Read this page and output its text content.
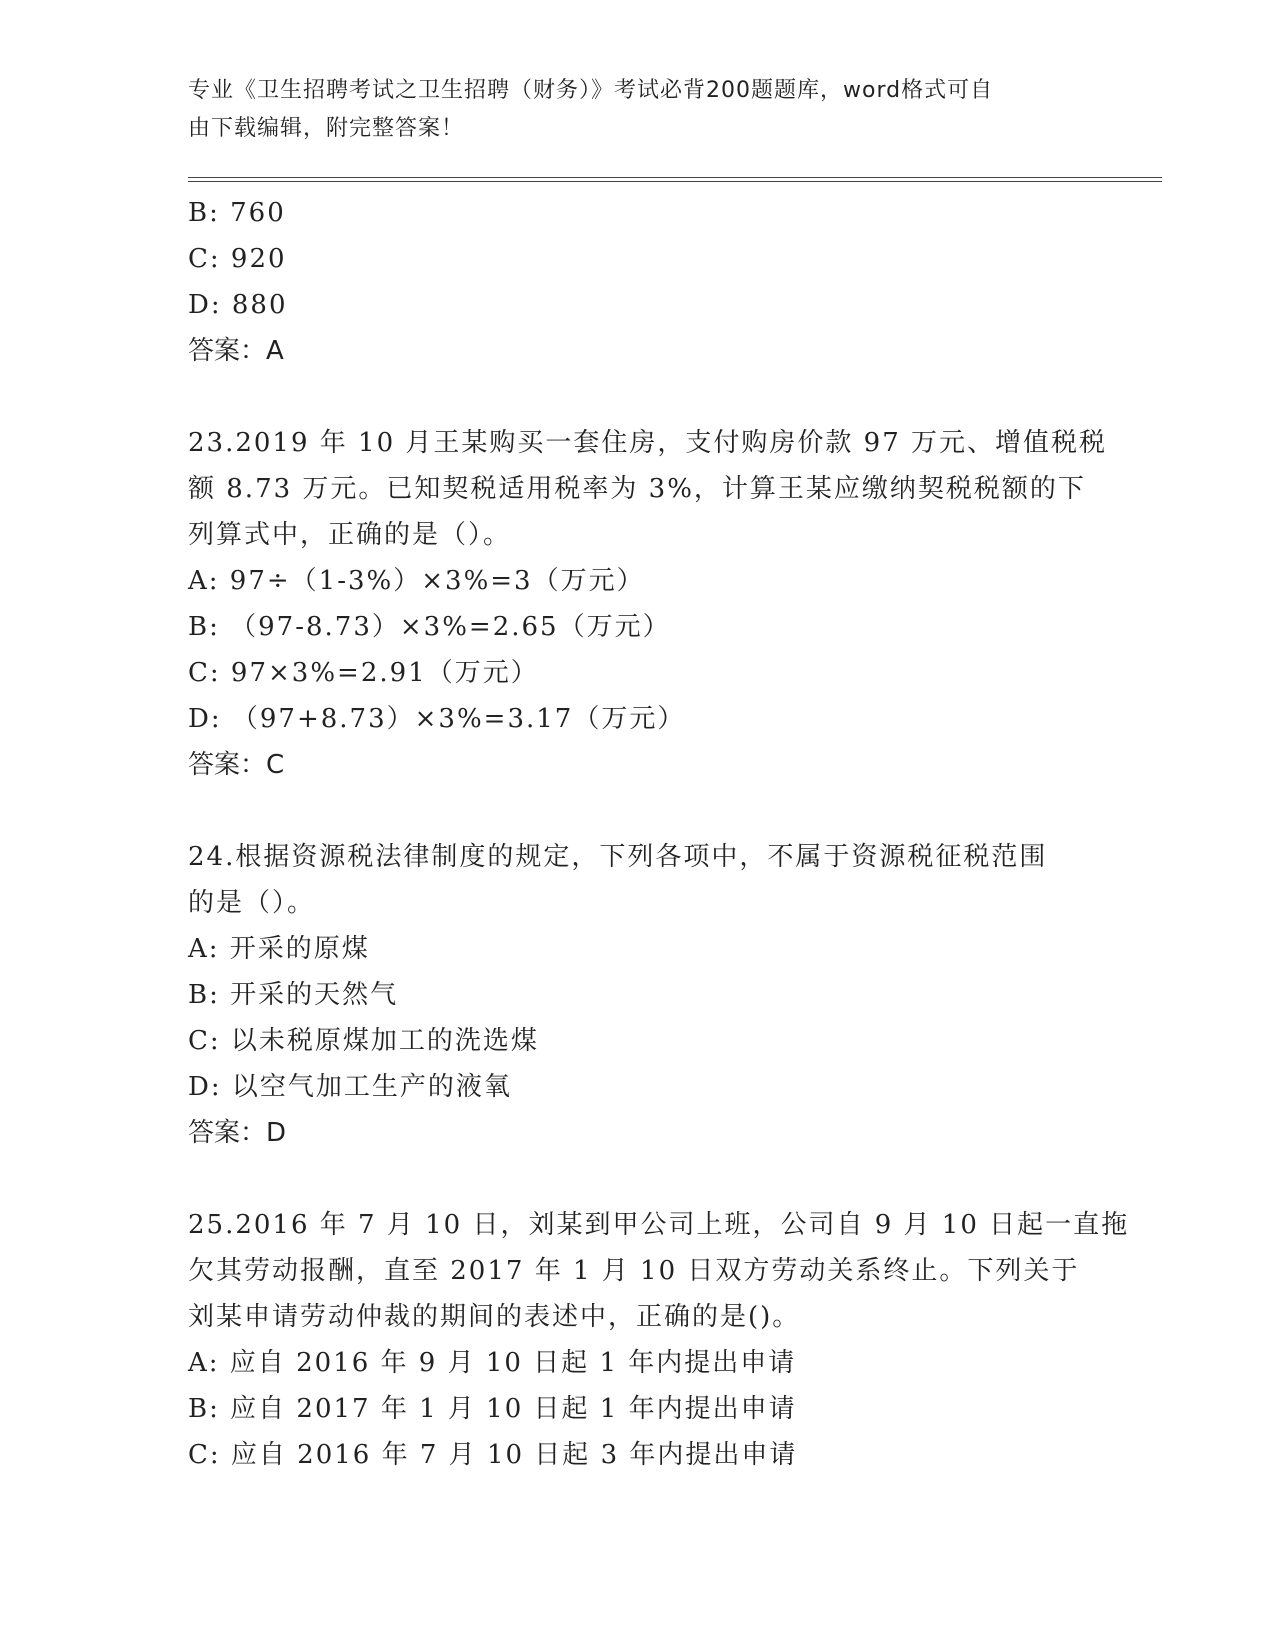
专业《卫生招聘考试之卫生招聘（财务）》考试必背200题题库，word格式可自
由下载编辑，附完整答案！
B: 760
C: 920
D: 880
答案：A
23.2019 年 10 月王某购买一套住房，支付购房价款 97 万元、增值税税
额 8.73 万元。已知契税适用税率为 3%，计算王某应缴纳契税税额的下
列算式中，正确的是（）。
A: 97÷（1-3%）×3%=3（万元）
B: （97-8.73）×3%=2.65（万元）
C: 97×3%=2.91（万元）
D: （97+8.73）×3%=3.17（万元）
答案：C
24.根据资源税法律制度的规定，下列各项中，不属于资源税征税范围
的是（）。
A: 开采的原煤
B: 开采的天然气
C: 以未税原煤加工的洗选煤
D: 以空气加工生产的液氧
答案：D
25.2016 年 7 月 10 日，刘某到甲公司上班，公司自 9 月 10 日起一直拖
欠其劳动报酬，直至 2017 年 1 月 10 日双方劳动关系终止。下列关于
刘某申请劳动仲裁的期间的表述中，正确的是()。
A: 应自 2016 年 9 月 10 日起 1 年内提出申请
B: 应自 2017 年 1 月 10 日起 1 年内提出申请
C: 应自 2016 年 7 月 10 日起 3 年内提出申请
